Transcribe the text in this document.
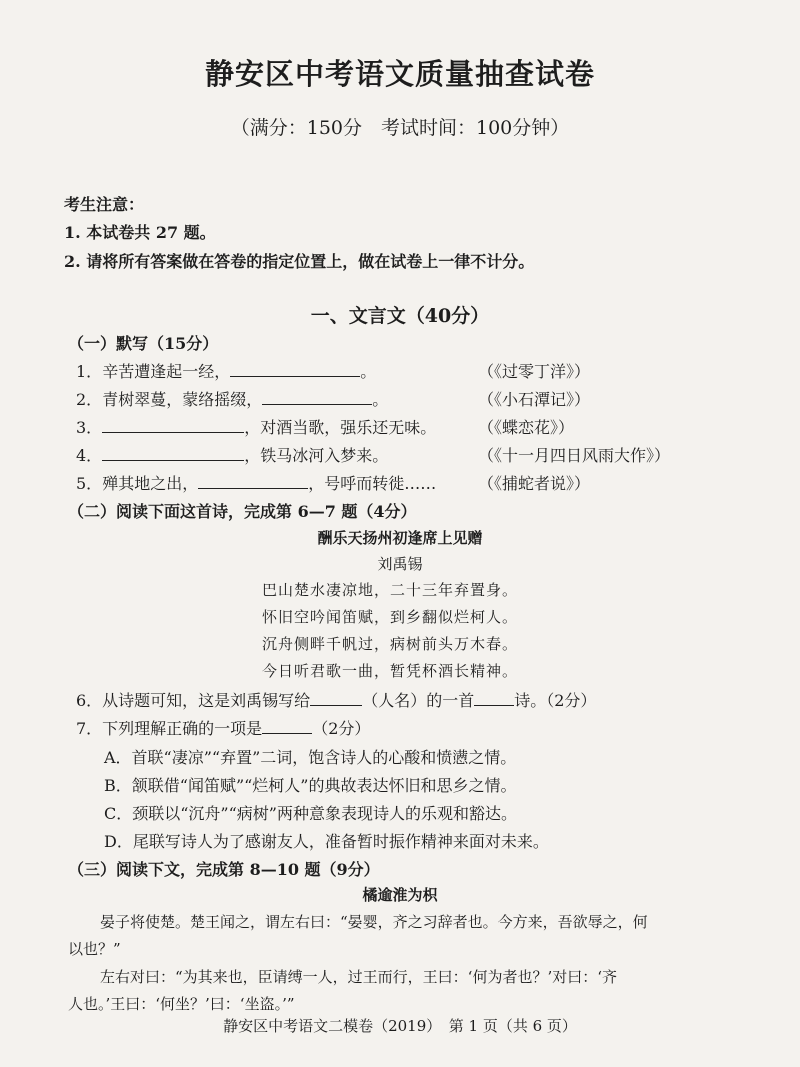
静安区中考语文质量抽查试卷
（满分：150分　考试时间：100分钟）
考生注意：
1. 本试卷共 27 题。
2. 请将所有答案做在答卷的指定位置上，做在试卷上一律不计分。
一、文言文（40分）
（一）默写（15分）
1．辛苦遭逢起一经，	。	（《过零丁洋》）
2．青树翠蔓，蒙络摇缀，	。	（《小石潭记》）
3．	，对酒当歌，强乐还无味。	（《蝶恋花》）
4．	，铁马冰河入梦来。	（《十一月四日风雨大作》）
5．殚其地之出，	，号呼而转徙……	（《捕蛇者说》）
（二）阅读下面这首诗，完成第 6—7 题（4分）
酬乐天扬州初逢席上见赠
刘禹锡
巴山楚水凄凉地，二十三年弃置身。
怀旧空吟闻笛赋，到乡翻似烂柯人。
沉舟侧畔千帆过，病树前头万木春。
今日听君歌一曲，暂凭杯酒长精神。
6．从诗题可知，这是刘禹锡写给	（人名）的一首	诗。（2分）
7．下列理解正确的一项是	（2分）
A．首联“凄凉”“弃置”二词，饱含诗人的心酸和愤懑之情。
B．颔联借“闻笛赋”“烂柯人”的典故表达怀旧和思乡之情。
C．颈联以“沉舟”“病树”两种意象表现诗人的乐观和豁达。
D．尾联写诗人为了感谢友人，准备暂时振作精神来面对未来。
（三）阅读下文，完成第 8—10 题（9分）
橘逾淮为枳
晏子将使楚。楚王闻之，谓左右曰：“晏婴，齐之习辞者也。今方来，吾欲辱之，何
以也？”
左右对曰：“为其来也，臣请缚一人，过王而行，王曰：‘何为者也？’对曰：‘齐
人也。’王曰：‘何坐？’曰：‘坐盗。’”
静安区中考语文二模卷（2019）　第 1 页（共 6 页）
